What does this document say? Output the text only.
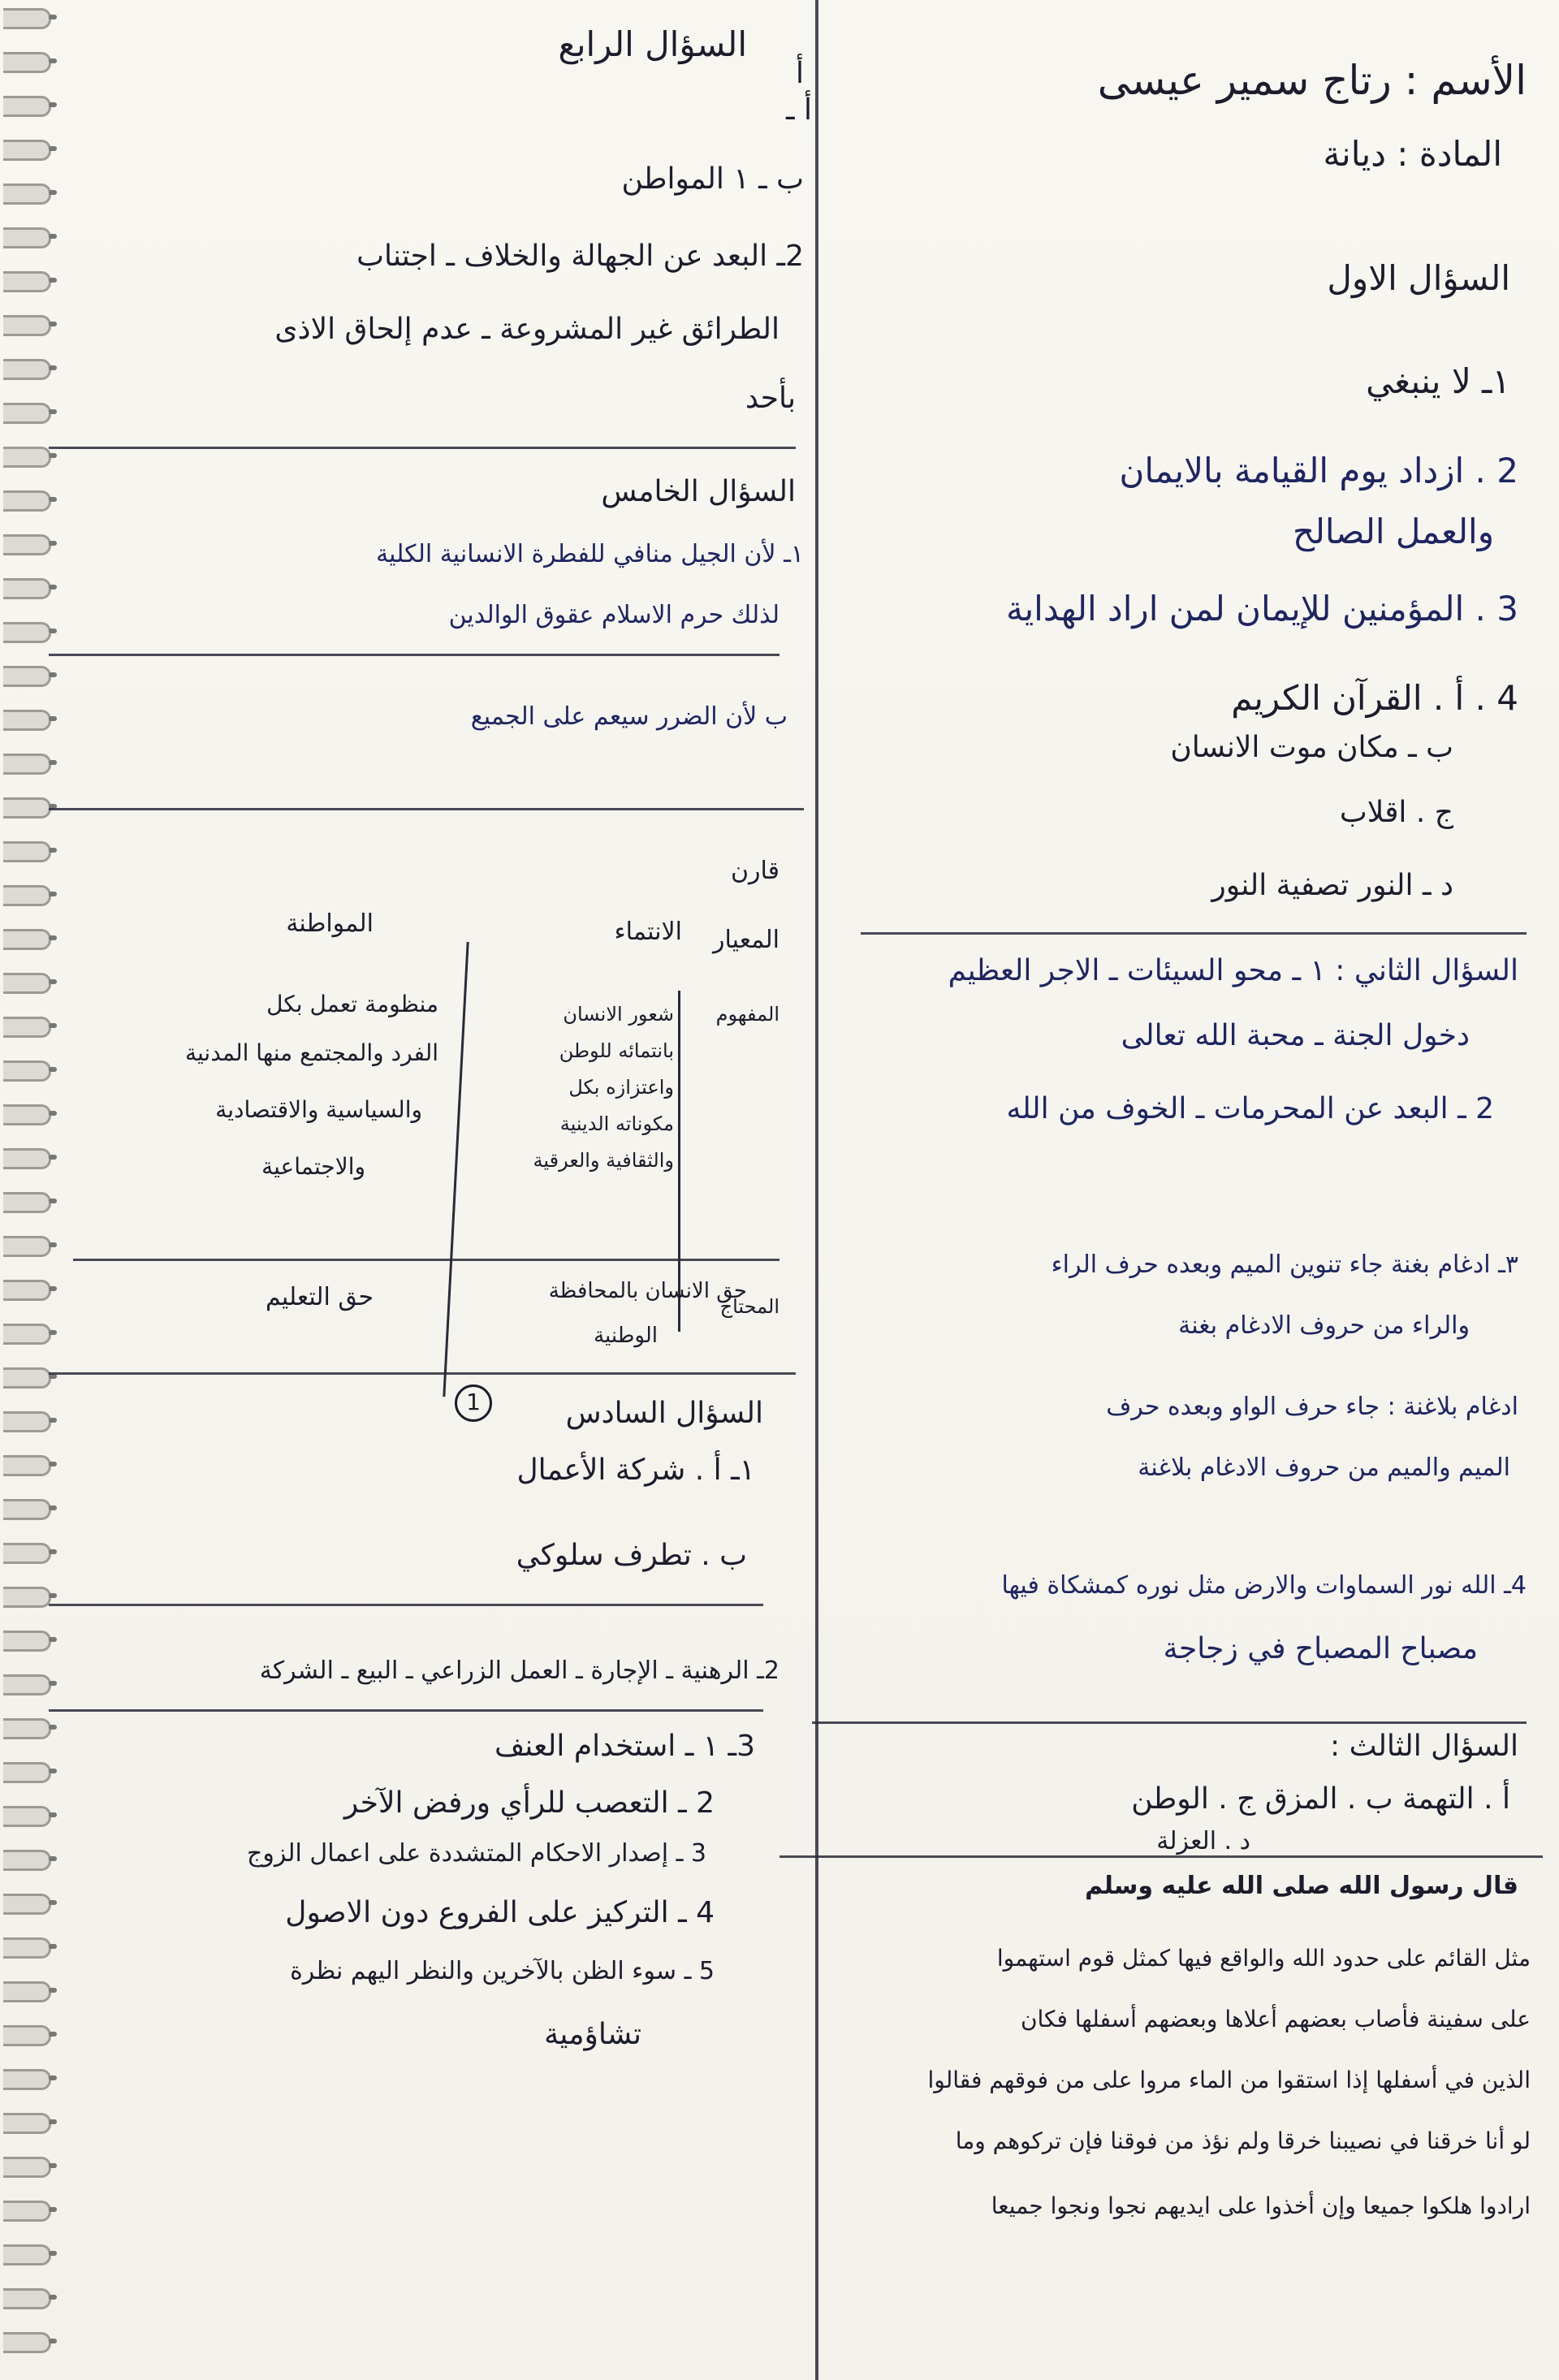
الأسم : رتاج سمير عيسى
المادة : ديانة
السؤال الاول
١ـ لا ينبغي
2 . ازداد يوم القيامة بالايمان
والعمل الصالح
3 . المؤمنين للإيمان لمن اراد الهداية
4 . أ . القرآن الكريم
ب ـ مكان موت الانسان
ج . اقلاب
د ـ النور تصفية النور
السؤال الثاني : ١ ـ محو السيئات ـ الاجر العظيم
دخول الجنة ـ محبة الله تعالى
2 ـ البعد عن المحرمات ـ الخوف من الله
٣ـ ادغام بغنة جاء تنوين الميم وبعده حرف الراء
والراء من حروف الادغام بغنة
ادغام بلاغنة : جاء حرف الواو وبعده حرف
الميم والميم من حروف الادغام بلاغنة
4ـ الله نور السماوات والارض مثل نوره كمشكاة فيها
مصباح المصباح في زجاجة
السؤال الثالث :
أ . التهمة ب . المزق ج . الوطن
د . العزلة
قال رسول الله صلى الله عليه وسلم
مثل القائم على حدود الله والواقع فيها كمثل قوم استهموا
على سفينة فأصاب بعضهم أعلاها وبعضهم أسفلها فكان
الذين في أسفلها إذا استقوا من الماء مروا على من فوقهم فقالوا
لو أنا خرقنا في نصيبنا خرقا ولم نؤذ من فوقنا فإن تركوهم وما
ارادوا هلكوا جميعا وإن أخذوا على ايديهم نجوا ونجوا جميعا
السؤال الرابع
أ
أ ـ
ب ـ ١ المواطن
2ـ البعد عن الجهالة والخلاف ـ اجتناب
الطرائق غير المشروعة ـ عدم إلحاق الاذى
بأحد
السؤال الخامس
١ـ لأن الجيل منافي للفطرة الانسانية الكلية
لذلك حرم الاسلام عقوق الوالدين
ب لأن الضرر سيعم على الجميع
قارن
المعيار
الانتماء
المواطنة
المفهوم
شعور الانسان
بانتمائه للوطن
واعتزازه بكل
مكوناته الدينية
والثقافية والعرقية
منظومة تعمل بكل
الفرد والمجتمع منها المدنية
والسياسية والاقتصادية
والاجتماعية
المحتاج
حق الانسان بالمحافظة
الوطنية
حق التعليم
1	السؤال السادس
١ـ أ . شركة الأعمال
ب . تطرف سلوكي
2ـ الرهنية ـ الإجارة ـ العمل الزراعي ـ البيع ـ الشركة
3ـ ١ ـ استخدام العنف
2 ـ التعصب للرأي ورفض الآخر
3 ـ إصدار الاحكام المتشددة على اعمال الزوج
4 ـ التركيز على الفروع دون الاصول
5 ـ سوء الظن بالآخرين والنظر اليهم نظرة
تشاؤمية
